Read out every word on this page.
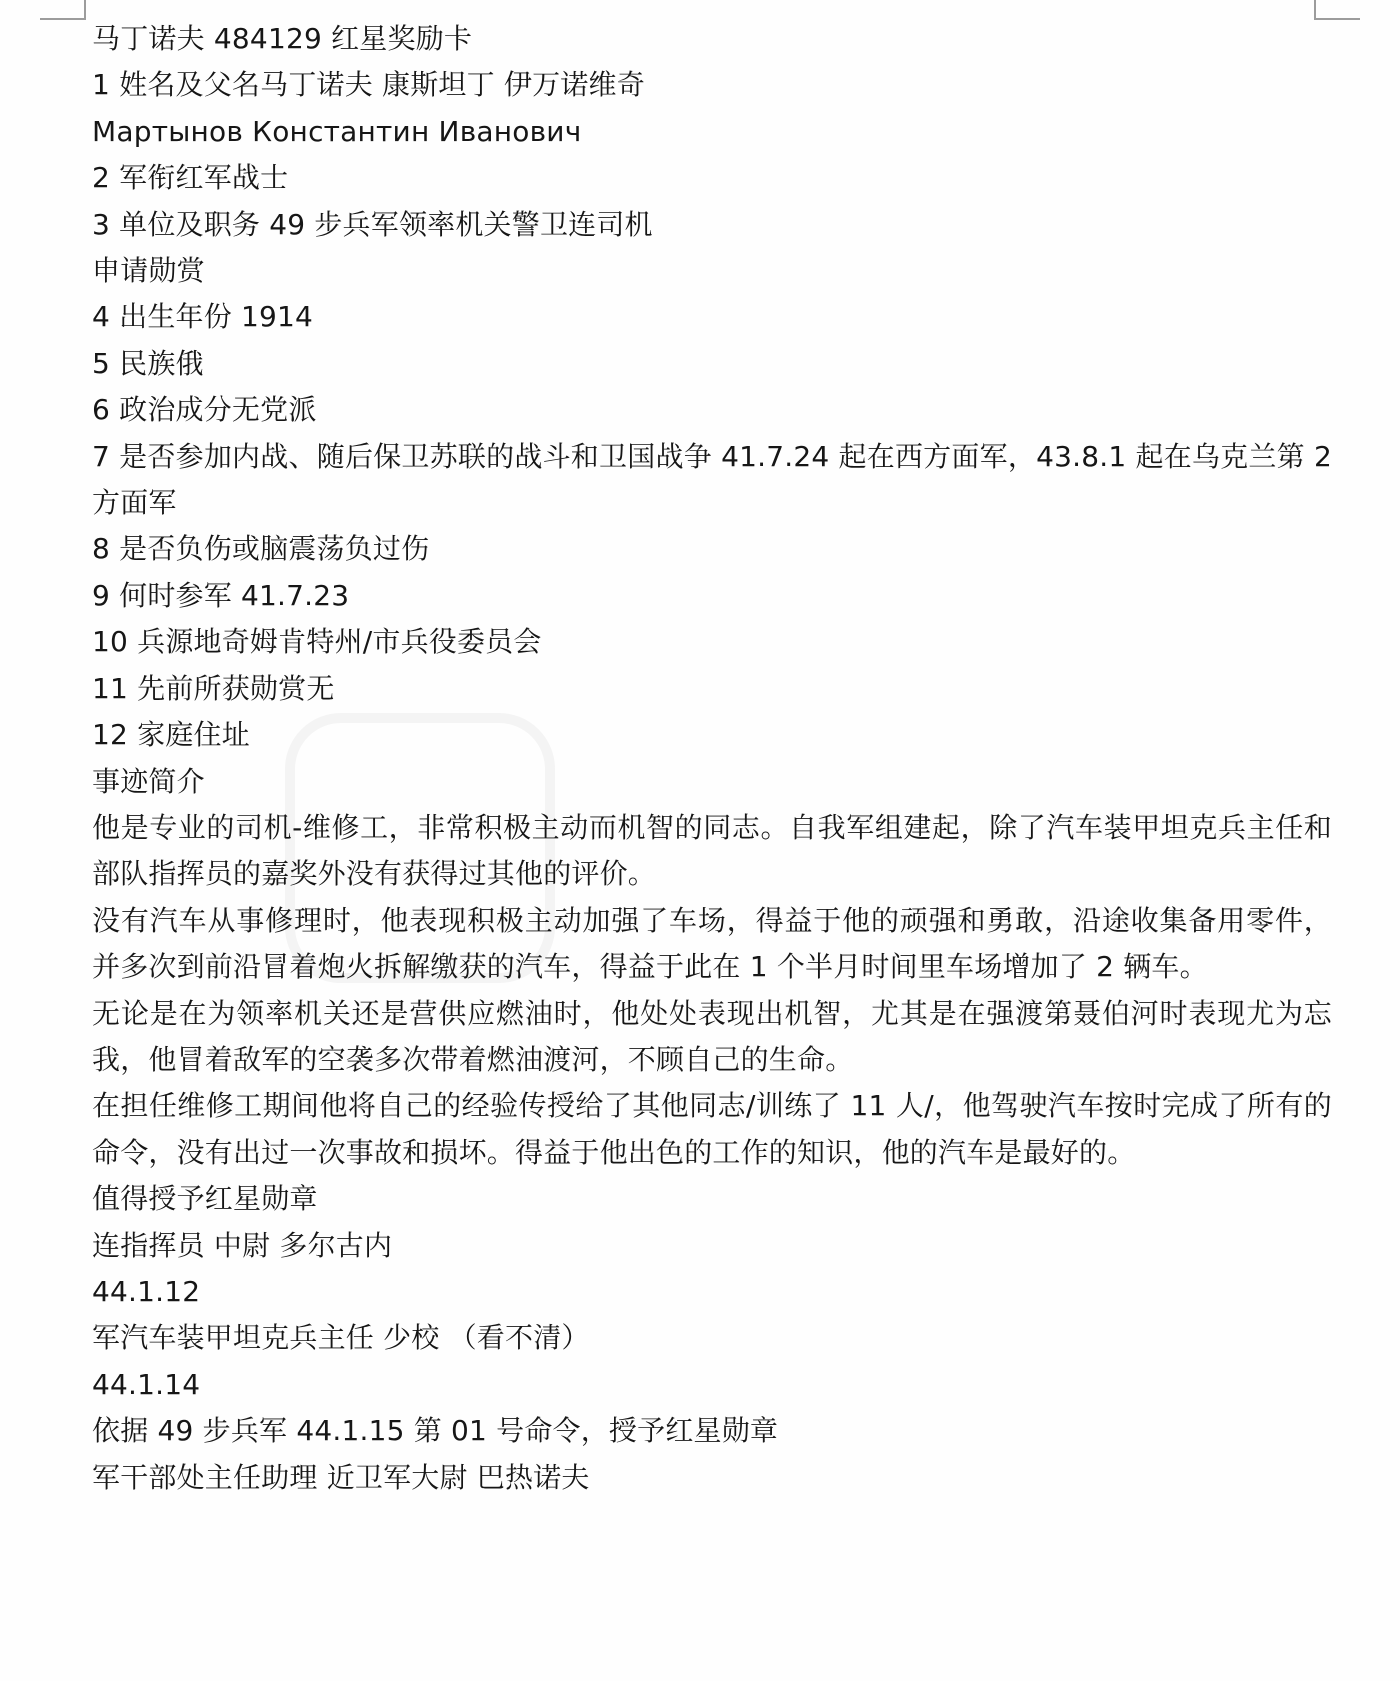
马丁诺夫 484129 红星奖励卡

1 姓名及父名马丁诺夫 康斯坦丁 伊万诺维奇

Мартынов Константин Иванович

2 军衔红军战士

3 单位及职务 49 步兵军领率机关警卫连司机

申请勋赏

4 出生年份 1914

5 民族俄

6 政治成分无党派

7 是否参加内战、随后保卫苏联的战斗和卫国战争 41.7.24 起在西方面军，43.8.1 起在乌克兰第 2 方面军

8 是否负伤或脑震荡负过伤

9 何时参军 41.7.23

10 兵源地奇姆肯特州/市兵役委员会

11 先前所获勋赏无

12 家庭住址

事迹简介

他是专业的司机-维修工，非常积极主动而机智的同志。自我军组建起，除了汽车装甲坦克兵主任和部队指挥员的嘉奖外没有获得过其他的评价。

没有汽车从事修理时，他表现积极主动加强了车场，得益于他的顽强和勇敢，沿途收集备用零件，并多次到前沿冒着炮火拆解缴获的汽车，得益于此在 1 个半月时间里车场增加了 2 辆车。

无论是在为领率机关还是营供应燃油时，他处处表现出机智，尤其是在强渡第聂伯河时表现尤为忘我，他冒着敌军的空袭多次带着燃油渡河，不顾自己的生命。

在担任维修工期间他将自己的经验传授给了其他同志/训练了 11 人/，他驾驶汽车按时完成了所有的命令，没有出过一次事故和损坏。得益于他出色的工作的知识，他的汽车是最好的。

值得授予红星勋章

连指挥员 中尉 多尔古内

44.1.12

军汽车装甲坦克兵主任 少校 （看不清）

44.1.14

依据 49 步兵军 44.1.15 第 01 号命令，授予红星勋章

军干部处主任助理 近卫军大尉 巴热诺夫
